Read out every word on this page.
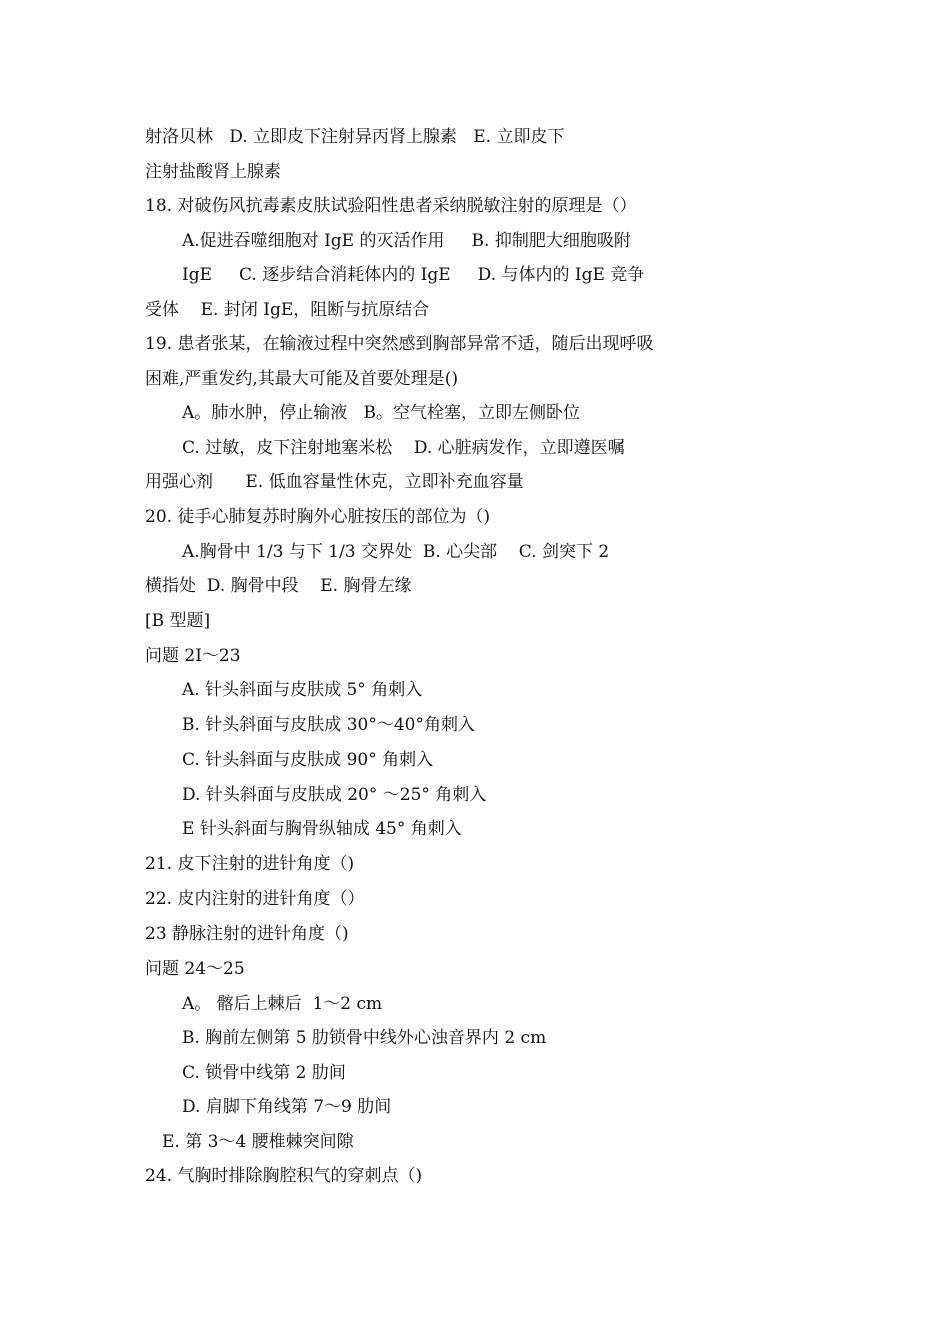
射洛贝林   D. 立即皮下注射异丙肾上腺素   E. 立即皮下
注射盐酸肾上腺素
18. 对破伤风抗毒素皮肤试验阳性患者采纳脱敏注射的原理是（）
A.促进吞噬细胞对 IgE 的灭活作用     B. 抑制肥大细胞吸附
IgE     C. 逐步结合消耗体内的 IgE     D. 与体内的 IgE 竞争
受体    E. 封闭 IgE，阻断与抗原结合
19. 患者张某，在输液过程中突然感到胸部异常不适，随后出现呼吸
困难,严重发约,其最大可能及首要处理是()
A。肺水肿，停止输液   B。空气栓塞，立即左侧卧位
C. 过敏，皮下注射地塞米松    D. 心脏病发作，立即遵医嘱
用强心剂      E. 低血容量性休克，立即补充血容量
20. 徒手心肺复苏时胸外心脏按压的部位为（)
A.胸骨中 1/3 与下 1/3 交界处  B. 心尖部    C. 剑突下 2
横指处  D. 胸骨中段    E. 胸骨左缘
[B 型题]
问题 2I～23
A. 针头斜面与皮肤成 5° 角刺入
B. 针头斜面与皮肤成 30°～40°角刺入
C. 针头斜面与皮肤成 90° 角刺入
D. 针头斜面与皮肤成 20° ～25° 角刺入
E 针头斜面与胸骨纵轴成 45° 角刺入
21. 皮下注射的进针角度（)
22. 皮内注射的进针角度（）
23 静脉注射的进针角度（)
问题 24～25
A。 髂后上棘后  1～2 cm
B. 胸前左侧第 5 肋锁骨中线外心浊音界内 2 cm
C. 锁骨中线第 2 肋间
D. 肩脚下角线第 7～9 肋间
E. 第 3～4 腰椎棘突间隙
24. 气胸时排除胸腔积气的穿刺点（)
